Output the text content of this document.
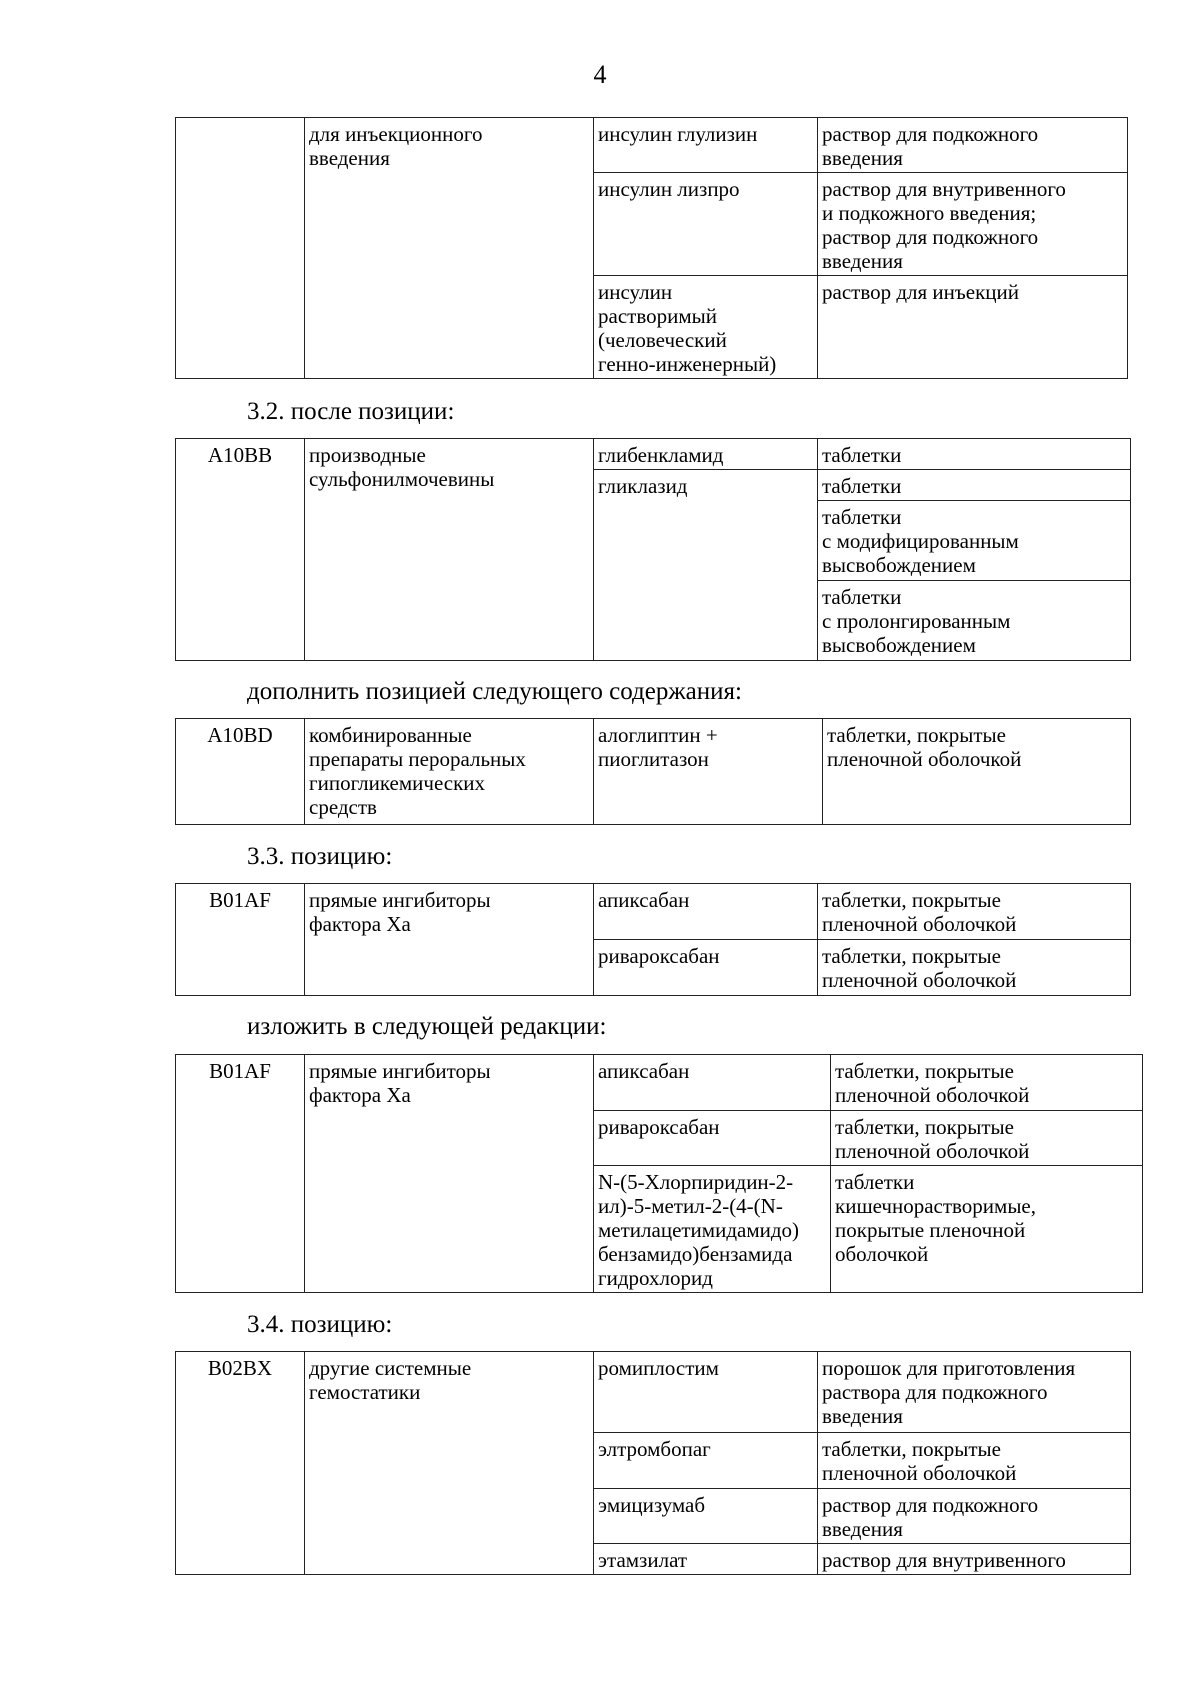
4
	для инъекционного
введения	инсулин глулизин	раствор для подкожного
введения
		инсулин лизпро	раствор для внутривенного
и подкожного введения;
раствор для подкожного
введения
		инсулин
растворимый
(человеческий
генно-инженерный)	раствор для инъекций
3.2. после позиции:
A10BB	производные
сульфонилмочевины	глибенкламид	таблетки
		гликлазид	таблетки
			таблетки
с модифицированным
высвобождением
			таблетки
с пролонгированным
высвобождением
дополнить позицией следующего содержания:
A10BD	комбинированные
препараты пероральных
гипогликемических
средств	алоглиптин +
пиоглитазон	таблетки, покрытые
пленочной оболочкой
3.3. позицию:
B01AF	прямые ингибиторы
фактора Xa	апиксабан	таблетки, покрытые
пленочной оболочкой
		ривароксабан	таблетки, покрытые
пленочной оболочкой
изложить в следующей редакции:
B01AF	прямые ингибиторы
фактора Xa	апиксабан	таблетки, покрытые
пленочной оболочкой
		ривароксабан	таблетки, покрытые
пленочной оболочкой
		N-(5-Хлорпиридин-2-
ил)-5-метил-2-(4-(N-
метилацетимидамидо)
бензамидо)бензамида
гидрохлорид	таблетки
кишечнорастворимые,
покрытые пленочной
оболочкой
3.4. позицию:
B02BX	другие системные
гемостатики	ромиплостим	порошок для приготовления
раствора для подкожного
введения
		элтромбопаг	таблетки, покрытые
пленочной оболочкой
		эмицизумаб	раствор для подкожного
введения
		этамзилат	раствор для внутривенного
